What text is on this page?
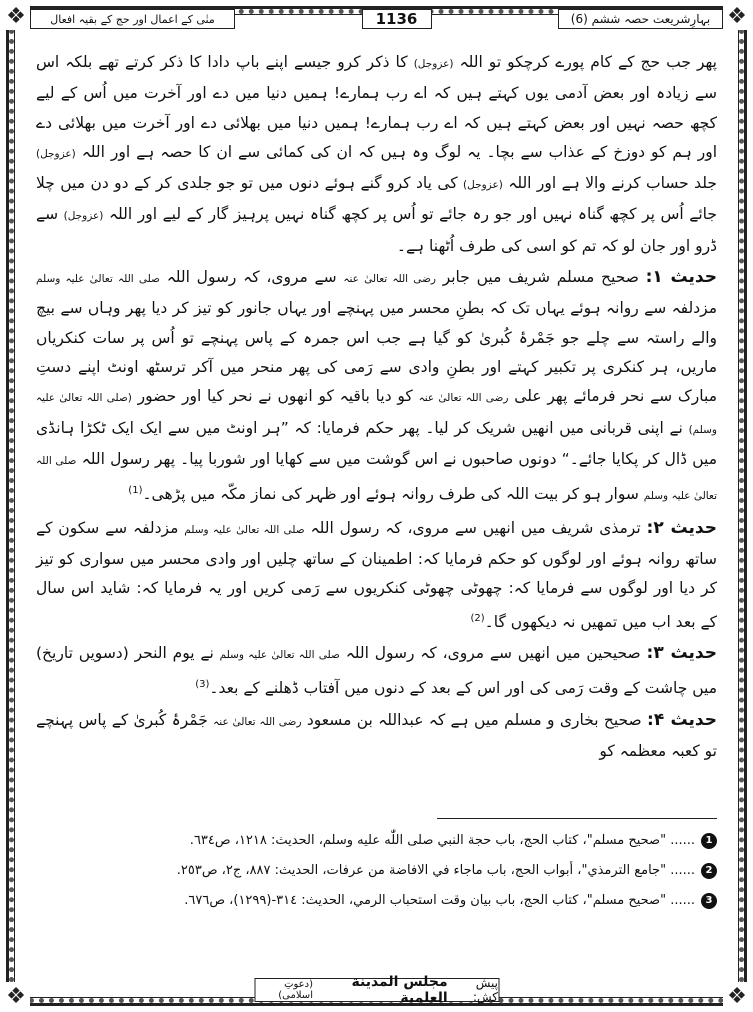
❖	❖
❖	❖
بہارِشریعت حصہ ششم (6)
1136
منٰی کے اعمال اور حج کے بقیہ افعال

پھر جب حج کے کام پورے کرچکو تو اللہ (عزوجل) کا ذکر کرو جیسے اپنے باپ دادا کا ذکر کرتے تھے بلکہ اس سے زیادہ اور بعض آدمی یوں کہتے ہیں کہ اے رب ہمارے! ہمیں دنیا میں دے اور آخرت میں اُس کے لیے کچھ حصہ نہیں اور بعض کہتے ہیں کہ اے رب ہمارے! ہمیں دنیا میں بھلائی دے اور آخرت میں بھلائی دے اور ہم کو دوزخ کے عذاب سے بچا۔ یہ لوگ وہ ہیں کہ ان کی کمائی سے ان کا حصہ ہے اور اللہ (عزوجل) جلد حساب کرنے والا ہے اور اللہ (عزوجل) کی یاد کرو گنے ہوئے دنوں میں تو جو جلدی کر کے دو دن میں چلا جائے اُس پر کچھ گناہ نہیں اور جو رہ جائے تو اُس پر کچھ گناہ نہیں پرہیز گار کے لیے اور اللہ (عزوجل) سے ڈرو اور جان لو کہ تم کو اسی کی طرف اُٹھنا ہے۔

حدیث ۱: صحیح مسلم شریف میں جابر رضی اللہ تعالیٰ عنہ سے مروی، کہ رسول اللہ صلی اللہ تعالیٰ علیہ وسلم مزدلفہ سے روانہ ہوئے یہاں تک کہ بطنِ محسر میں پہنچے اور یہاں جانور کو تیز کر دیا پھر وہاں سے بیچ والے راستہ سے چلے جو جَمْرۂ کُبریٰ کو گیا ہے جب اس جمرہ کے پاس پہنچے تو اُس پر سات کنکریاں ماریں، ہر کنکری پر تکبیر کہتے اور بطنِ وادی سے رَمی کی پھر منحر میں آکر ترسٹھ اونٹ اپنے دستِ مبارک سے نحر فرمائے پھر علی رضی اللہ تعالیٰ عنہ کو دیا باقیہ کو انھوں نے نحر کیا اور حضور (صلی اللہ تعالیٰ علیہ وسلم) نے اپنی قربانی میں انھیں شریک کر لیا۔ پھر حکم فرمایا: کہ ”ہر اونٹ میں سے ایک ایک ٹکڑا ہانڈی میں ڈال کر پکایا جائے۔“ دونوں صاحبوں نے اس گوشت میں سے کھایا اور شوربا پیا۔ پھر رسول اللہ صلی اللہ تعالیٰ علیہ وسلم سوار ہو کر بیت اللہ کی طرف روانہ ہوئے اور ظہر کی نماز مکّہ میں پڑھی۔$^{(1)}$

حدیث ۲: ترمذی شریف میں انھیں سے مروی، کہ رسول اللہ صلی اللہ تعالیٰ علیہ وسلم مزدلفہ سے سکون کے ساتھ روانہ ہوئے اور لوگوں کو حکم فرمایا کہ: اطمینان کے ساتھ چلیں اور وادی محسر میں سواری کو تیز کر دیا اور لوگوں سے فرمایا کہ: چھوٹی چھوٹی کنکریوں سے رَمی کریں اور یہ فرمایا کہ: شاید اس سال کے بعد اب میں تمھیں نہ دیکھوں گا۔$^{(2)}$

حدیث ۳: صحیحین میں انھیں سے مروی، کہ رسول اللہ صلی اللہ تعالیٰ علیہ وسلم نے یوم النحر (دسویں تاریخ) میں چاشت کے وقت رَمی کی اور اس کے بعد کے دنوں میں آفتاب ڈھلنے کے بعد۔$^{(3)}$

حدیث ۴: صحیح بخاری و مسلم میں ہے کہ عبداللہ بن مسعود رضی اللہ تعالیٰ عنہ جَمْرۂ کُبریٰ کے پاس پہنچے تو کعبہ معظمہ کو

1
...... "صحيح مسلم"، كتاب الحج، باب حجة النبي صلى اللّٰه عليه وسلم، الحديث: ١٢١٨، ص٦٣٤.

2
...... "جامع الترمذي"، أبواب الحج، باب ماجاء في الافاضة من عرفات، الحديث: ٨٨٧، ج٢، ص٢٥٣.

3
...... "صحيح مسلم"، كتاب الحج، باب بيان وقت استحباب الرمي، الحديث: ٣١٤-(١٢٩٩)، ص٦٧٦.

پیش کش:
مجلس المدينة العلمية
(دعوتِ اسلامی)
